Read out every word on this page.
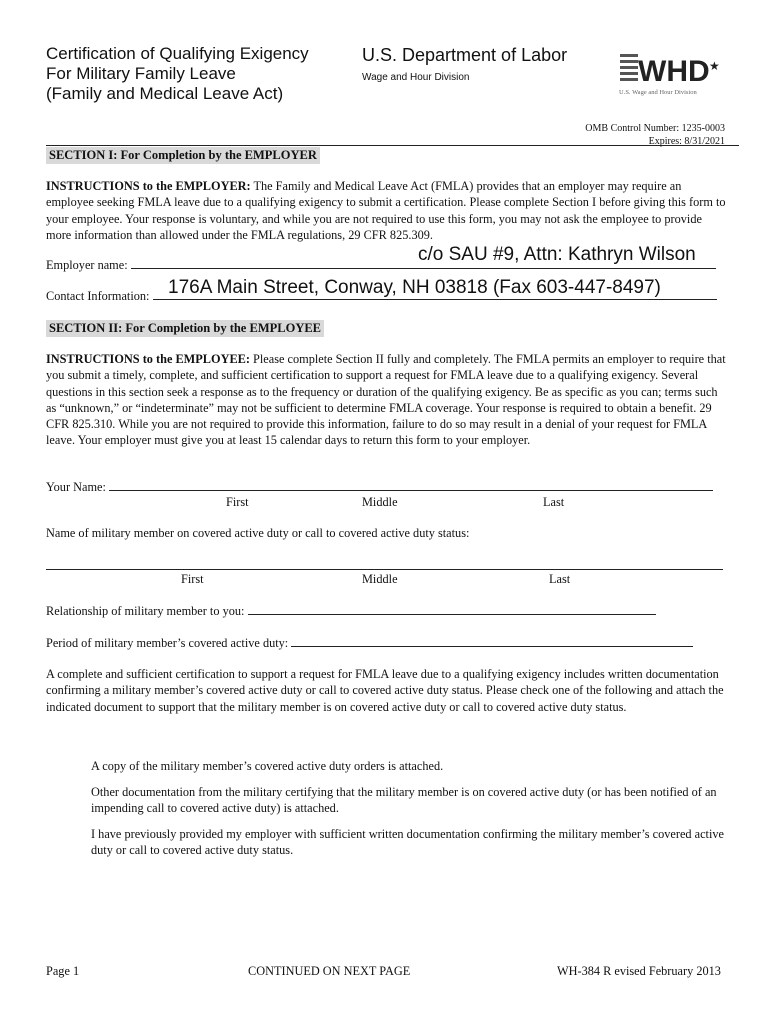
Certification of Qualifying Exigency
For Military Family Leave
(Family and Medical Leave Act)
U.S. Department of Labor
Wage and Hour Division	WHD ★
U.S. Wage and Hour Division
OMB Control Number: 1235-0003
Expires: 8/31/2021
SECTION I: For Completion by the EMPLOYER
INSTRUCTIONS to the EMPLOYER: The Family and Medical Leave Act (FMLA) provides that an employer may require an employee seeking FMLA leave due to a qualifying exigency to submit a certification. Please complete Section I before giving this form to your employee. Your response is voluntary, and while you are not required to use this form, you may not ask the employee to provide more information than allowed under the FMLA regulations, 29 CFR 825.309.
Employer name:	c/o SAU #9, Attn: Kathryn Wilson
Contact Information: 176A Main Street, Conway, NH 03818 (Fax 603-447-8497)
SECTION II: For Completion by the EMPLOYEE
INSTRUCTIONS to the EMPLOYEE: Please complete Section II fully and completely. The FMLA permits an employer to require that you submit a timely, complete, and sufficient certification to support a request for FMLA leave due to a qualifying exigency. Several questions in this section seek a response as to the frequency or duration of the qualifying exigency. Be as specific as you can; terms such as “unknown,” or “indeterminate” may not be sufficient to determine FMLA coverage. Your response is required to obtain a benefit. 29 CFR 825.310. While you are not required to provide this information, failure to do so may result in a denial of your request for FMLA leave. Your employer must give you at least 15 calendar days to return this form to your employer.
Your Name:
First	Middle	Last
Name of military member on covered active duty or call to covered active duty status:
First	Middle	Last
Relationship of military member to you:
Period of military member’s covered active duty:
A complete and sufficient certification to support a request for FMLA leave due to a qualifying exigency includes written documentation confirming a military member’s covered active duty or call to covered active duty status. Please check one of the following and attach the indicated document to support that the military member is on covered active duty or call to covered active duty status.
A copy of the military member’s covered active duty orders is attached.
Other documentation from the military certifying that the military member is on covered active duty (or has been notified of an impending call to covered active duty) is attached.
I have previously provided my employer with sufficient written documentation confirming the military member’s covered active duty or call to covered active duty status.
Page 1	CONTINUED ON NEXT PAGE	WH-384 R evised February 2013
